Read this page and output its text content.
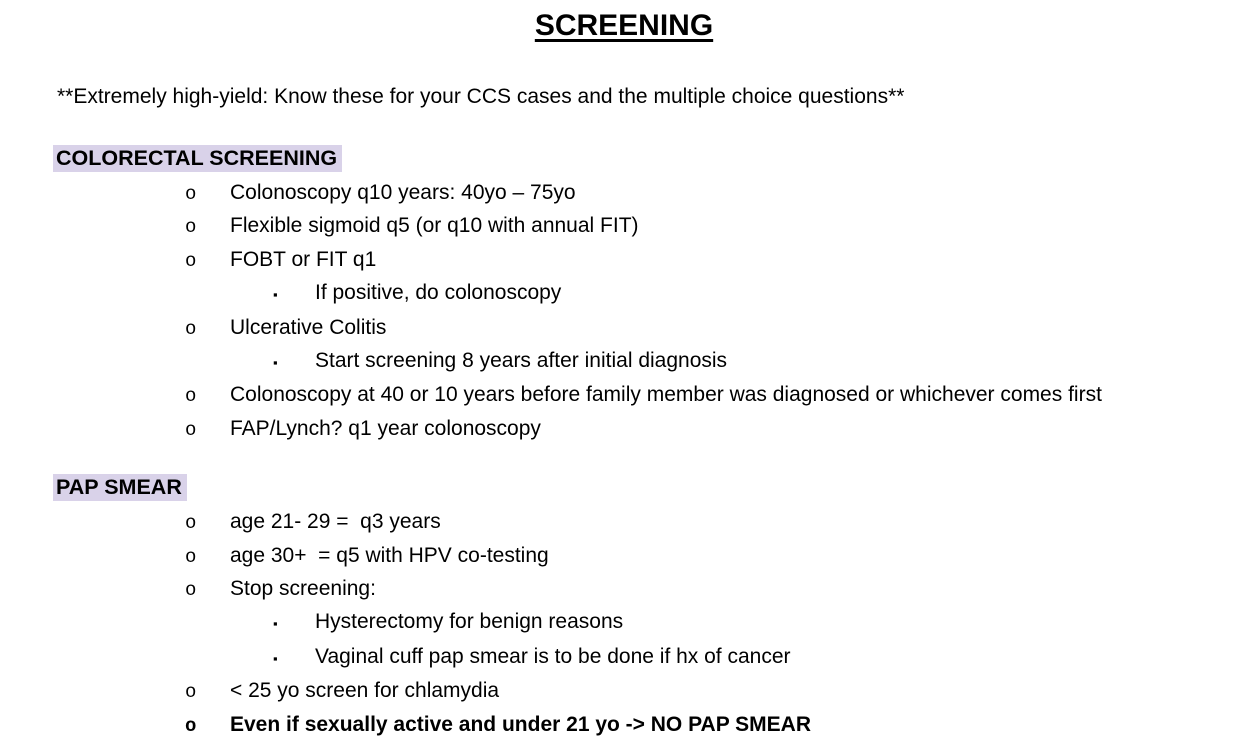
SCREENING

**Extremely high-yield: Know these for your CCS cases and the multiple choice questions**

COLORECTAL SCREENING
o	Colonoscopy q10 years: 40yo – 75yo
o	Flexible sigmoid q5 (or q10 with annual FIT)
o	FOBT or FIT q1
▪	If positive, do colonoscopy
o	Ulcerative Colitis
▪	Start screening 8 years after initial diagnosis
o	Colonoscopy at 40 or 10 years before family member was diagnosed or whichever comes first
o	FAP/Lynch? q1 year colonoscopy
PAP SMEAR
o	age 21- 29 =  q3 years
o	age 30+  = q5 with HPV co-testing
o	Stop screening:
▪	Hysterectomy for benign reasons
▪	Vaginal cuff pap smear is to be done if hx of cancer
o	< 25 yo screen for chlamydia
o	Even if sexually active and under 21 yo -> NO PAP SMEAR
